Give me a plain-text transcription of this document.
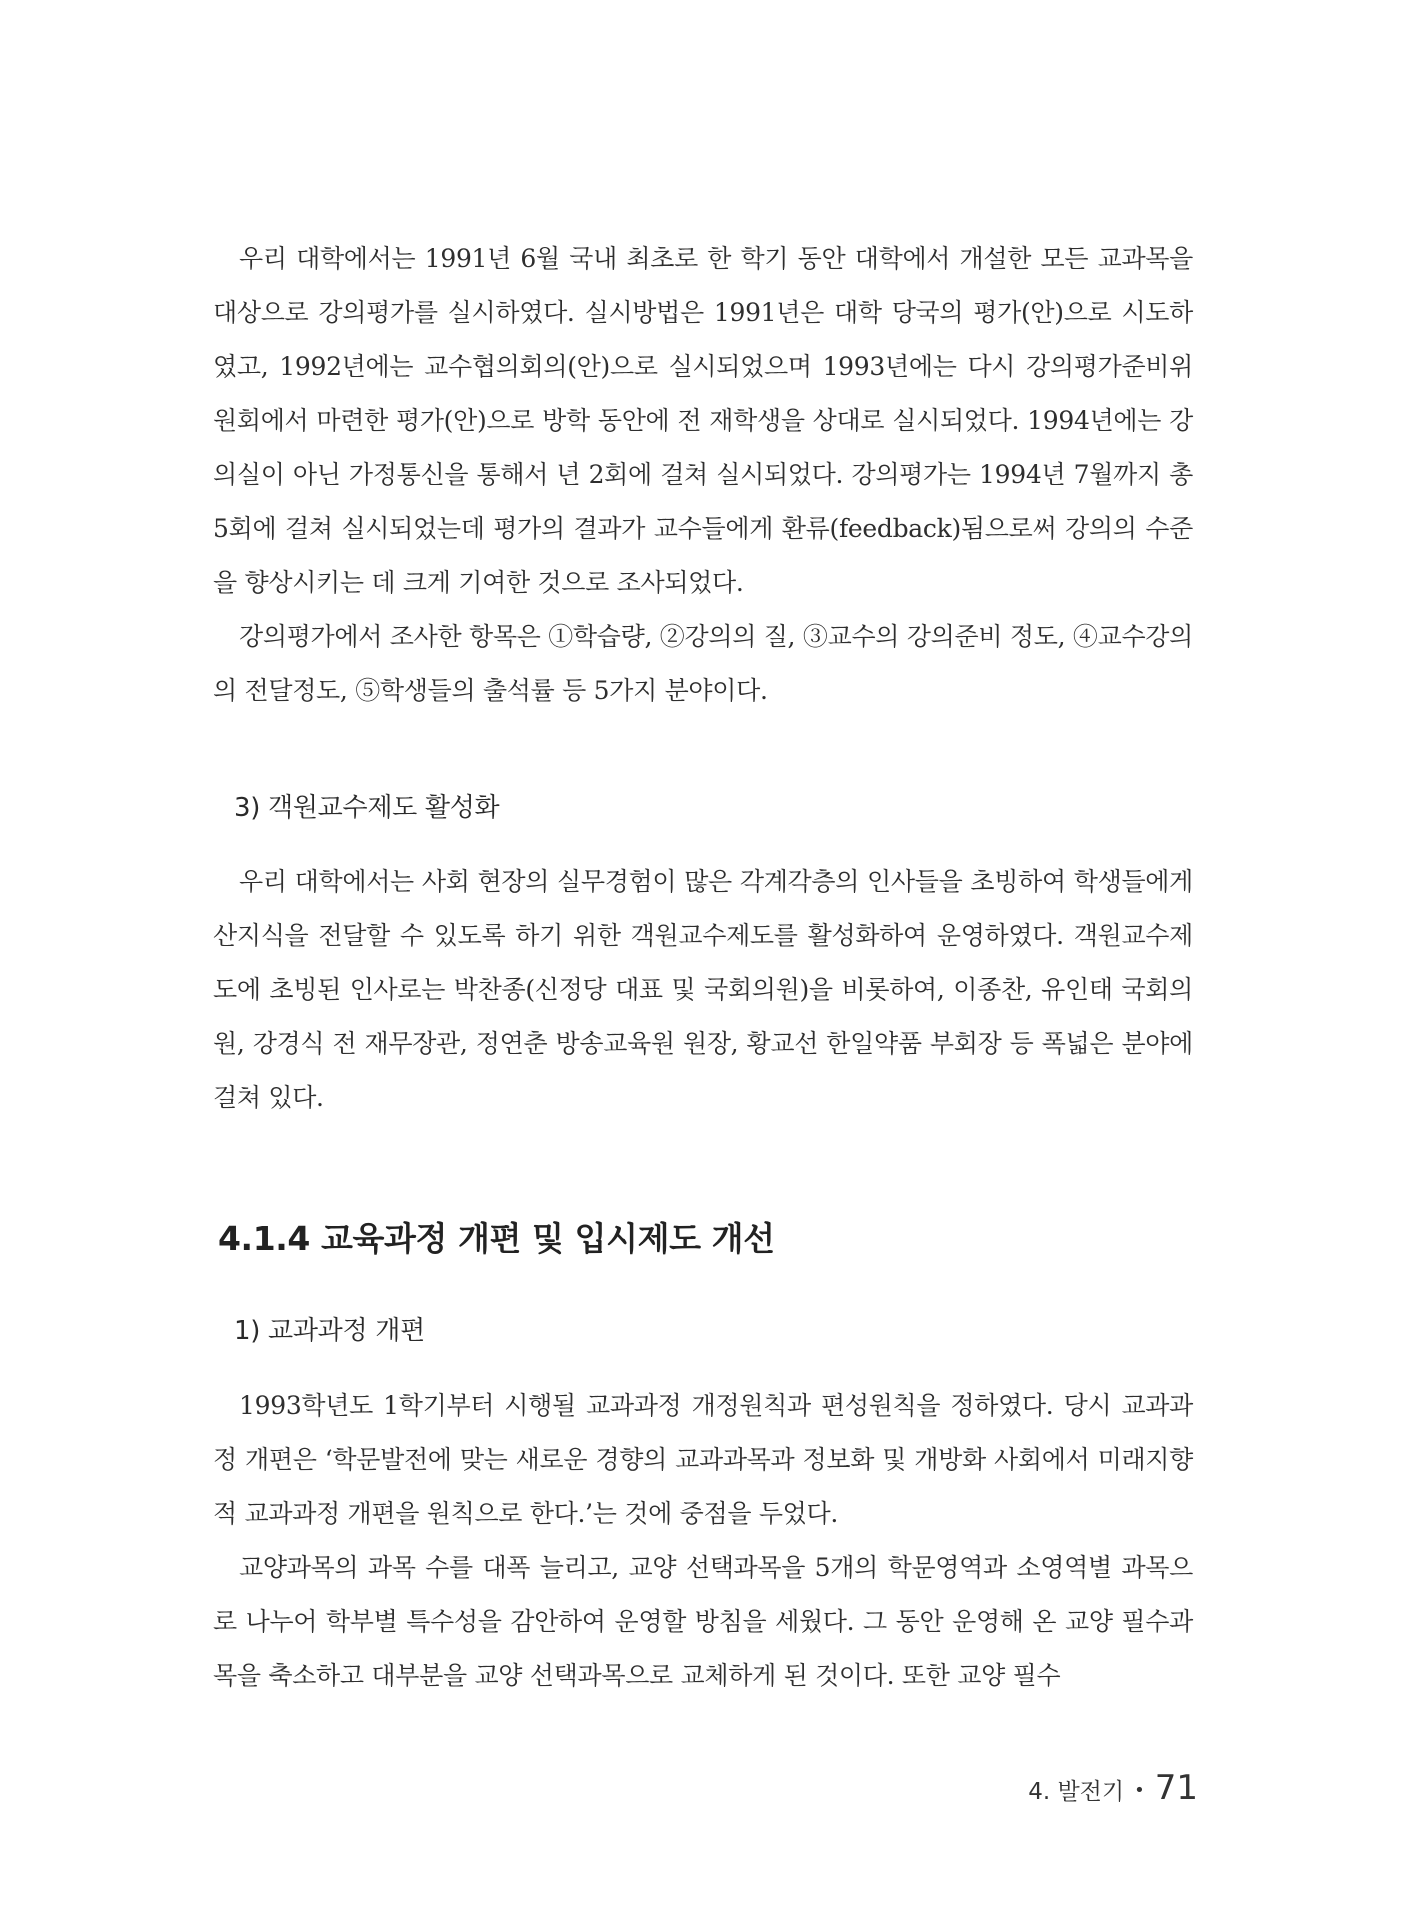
우리 대학에서는 1991년 6월 국내 최초로 한 학기 동안 대학에서 개설한 모든 교과목을 대상으로 강의평가를 실시하였다. 실시방법은 1991년은 대학 당국의 평가(안)으로 시도하였고, 1992년에는 교수협의회의(안)으로 실시되었으며 1993년에는 다시 강의평가준비위원회에서 마련한 평가(안)으로 방학 동안에 전 재학생을 상대로 실시되었다. 1994년에는 강의실이 아닌 가정통신을 통해서 년 2회에 걸쳐 실시되었다. 강의평가는 1994년 7월까지 총 5회에 걸쳐 실시되었는데 평가의 결과가 교수들에게 환류(feedback)됨으로써 강의의 수준을 향상시키는 데 크게 기여한 것으로 조사되었다.

강의평가에서 조사한 항목은 ①학습량, ②강의의 질, ③교수의 강의준비 정도, ④교수강의의 전달정도, ⑤학생들의 출석률 등 5가지 분야이다.

3) 객원교수제도 활성화

우리 대학에서는 사회 현장의 실무경험이 많은 각계각층의 인사들을 초빙하여 학생들에게 산지식을 전달할 수 있도록 하기 위한 객원교수제도를 활성화하여 운영하였다. 객원교수제도에 초빙된 인사로는 박찬종(신정당 대표 및 국회의원)을 비롯하여, 이종찬, 유인태 국회의원, 강경식 전 재무장관, 정연춘 방송교육원 원장, 황교선 한일약품 부회장 등 폭넓은 분야에 걸쳐 있다.

4.1.4 교육과정 개편 및 입시제도 개선
1) 교과과정 개편

1993학년도 1학기부터 시행될 교과과정 개정원칙과 편성원칙을 정하였다. 당시 교과과정 개편은 ‘학문발전에 맞는 새로운 경향의 교과과목과 정보화 및 개방화 사회에서 미래지향적 교과과정 개편을 원칙으로 한다.’는 것에 중점을 두었다.

교양과목의 과목 수를 대폭 늘리고, 교양 선택과목을 5개의 학문영역과 소영역별 과목으로 나누어 학부별 특수성을 감안하여 운영할 방침을 세웠다. 그 동안 운영해 온 교양 필수과목을 축소하고 대부분을 교양 선택과목으로 교체하게 된 것이다. 또한 교양 필수

4. 발전기 • 71
